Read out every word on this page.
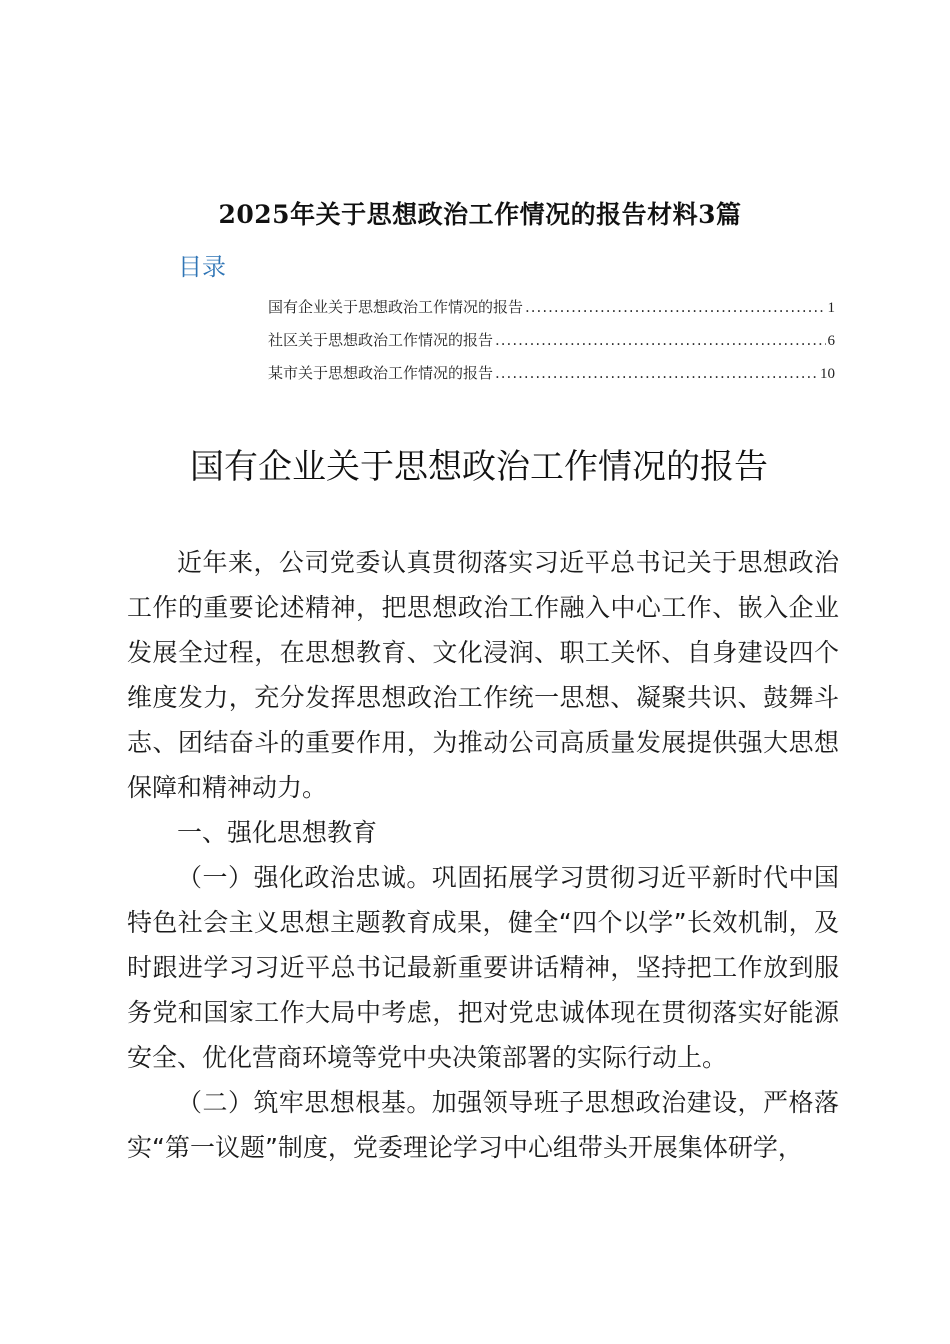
2025年关于思想政治工作情况的报告材料3篇
目录
国有企业关于思想政治工作情况的报告 .....	1
社区关于思想政治工作情况的报告 .....	6
某市关于思想政治工作情况的报告 .....	10
国有企业关于思想政治工作情况的报告

近年来，公司党委认真贯彻落实习近平总书记关于思想政治工作的重要论述精神，把思想政治工作融入中心工作、嵌入企业发展全过程，在思想教育、文化浸润、职工关怀、自身建设四个维度发力，充分发挥思想政治工作统一思想、凝聚共识、鼓舞斗志、团结奋斗的重要作用，为推动公司高质量发展提供强大思想保障和精神动力。

一、强化思想教育

（一）强化政治忠诚。巩固拓展学习贯彻习近平新时代中国特色社会主义思想主题教育成果，健全“四个以学”长效机制，及时跟进学习习近平总书记最新重要讲话精神，坚持把工作放到服务党和国家工作大局中考虑，把对党忠诚体现在贯彻落实好能源安全、优化营商环境等党中央决策部署的实际行动上。

（二）筑牢思想根基。加强领导班子思想政治建设，严格落实“第一议题”制度，党委理论学习中心组带头开展集体研学，
